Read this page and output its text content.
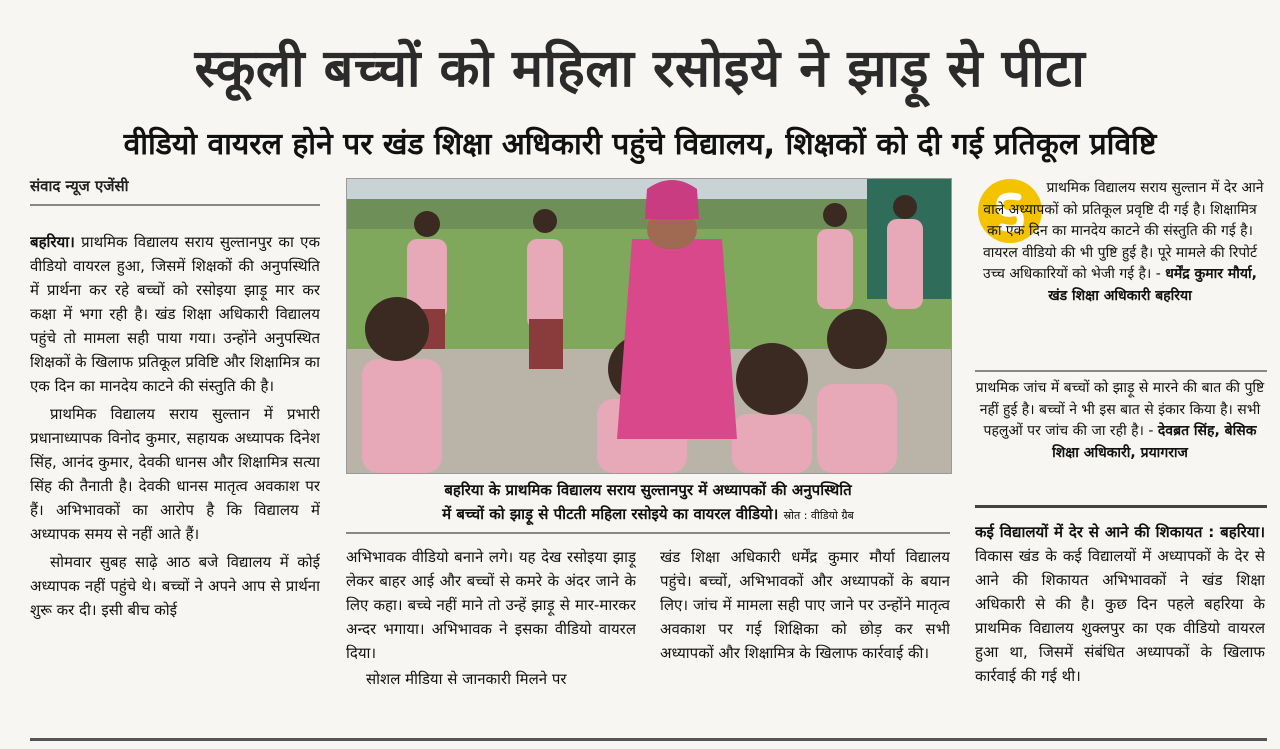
स्कूली बच्चों को महिला रसोइये ने झाड़ू से पीटा
वीडियो वायरल होने पर खंड शिक्षा अधिकारी पहुंचे विद्यालय, शिक्षकों को दी गई प्रतिकूल प्रविष्टि
संवाद न्यूज एजेंसी
बहरिया। प्राथमिक विद्यालय सराय सुल्तानपुर का एक वीडियो वायरल हुआ, जिसमें शिक्षकों की अनुपस्थिति में प्रार्थना कर रहे बच्चों को रसोइया झाड़ू मार कर कक्षा में भगा रही है। खंड शिक्षा अधिकारी विद्यालय पहुंचे तो मामला सही पाया गया। उन्होंने अनुपस्थित शिक्षकों के खिलाफ प्रतिकूल प्रविष्टि और शिक्षामित्र का एक दिन का मानदेय काटने की संस्तुति की है।

प्राथमिक विद्यालय सराय सुल्तान में प्रभारी प्रधानाध्यापक विनोद कुमार, सहायक अध्यापक दिनेश सिंह, आनंद कुमार, देवकी धानस और शिक्षामित्र सत्या सिंह की तैनाती है। देवकी धानस मातृत्व अवकाश पर हैं। अभिभावकों का आरोप है कि विद्यालय में अध्यापक समय से नहीं आते हैं।
सोमवार सुबह साढ़े आठ बजे विद्यालय में कोई अध्यापक नहीं पहुंचे थे। बच्चों ने अपने आप से प्रार्थना शुरू कर दी। इसी बीच कोई
बहरिया के प्राथमिक विद्यालय सराय सुल्तानपुर में अध्यापकों की अनुपस्थिति
में बच्चों को झाड़ू से पीटती महिला रसोइये का वायरल वीडियो। स्रोत : वीडियो ग्रैब
अभिभावक वीडियो बनाने लगे। यह देख रसोइया झाड़ू लेकर बाहर आई और बच्चों से कमरे के अंदर जाने के लिए कहा। बच्चे नहीं माने तो उन्हें झाड़ू से मार-मारकर अन्दर भगाया। अभिभावक ने इसका वीडियो वायरल दिया।
सोशल मीडिया से जानकारी मिलने पर
खंड शिक्षा अधिकारी धर्मेंद्र कुमार मौर्या विद्यालय पहुंचे। बच्चों, अभिभावकों और अध्यापकों के बयान लिए। जांच में मामला सही पाए जाने पर उन्होंने मातृत्व अवकाश पर गई शिक्षिका को छोड़ कर सभी अध्यापकों और शिक्षामित्र के खिलाफ कार्रवाई की।
प्राथमिक विद्यालय सराय सुल्तान में देर आने वाले अध्यापकों को प्रतिकूल प्रवृष्टि दी गई है। शिक्षामित्र का एक दिन का मानदेय काटने की संस्तुति की गई है। वायरल वीडियो की भी पुष्टि हुई है। पूरे मामले की रिपोर्ट उच्च अधिकारियों को भेजी गई है। - धर्मेंद्र कुमार मौर्या, खंड शिक्षा अधिकारी बहरिया
प्राथमिक जांच में बच्चों को झाड़ू से मारने की बात की पुष्टि नहीं हुई है। बच्चों ने भी इस बात से इंकार किया है। सभी पहलुओं पर जांच की जा रही है। - देवब्रत सिंह, बेसिक शिक्षा अधिकारी, प्रयागराज
कई विद्यालयों में देर से आने की शिकायत : बहरिया। विकास खंड के कई विद्यालयों में अध्यापकों के देर से आने की शिकायत अभिभावकों ने खंड शिक्षा अधिकारी से की है। कुछ दिन पहले बहरिया के प्राथमिक विद्यालय शुक्लपुर का एक वीडियो वायरल हुआ था, जिसमें संबंधित अध्यापकों के खिलाफ कार्रवाई की गई थी।
